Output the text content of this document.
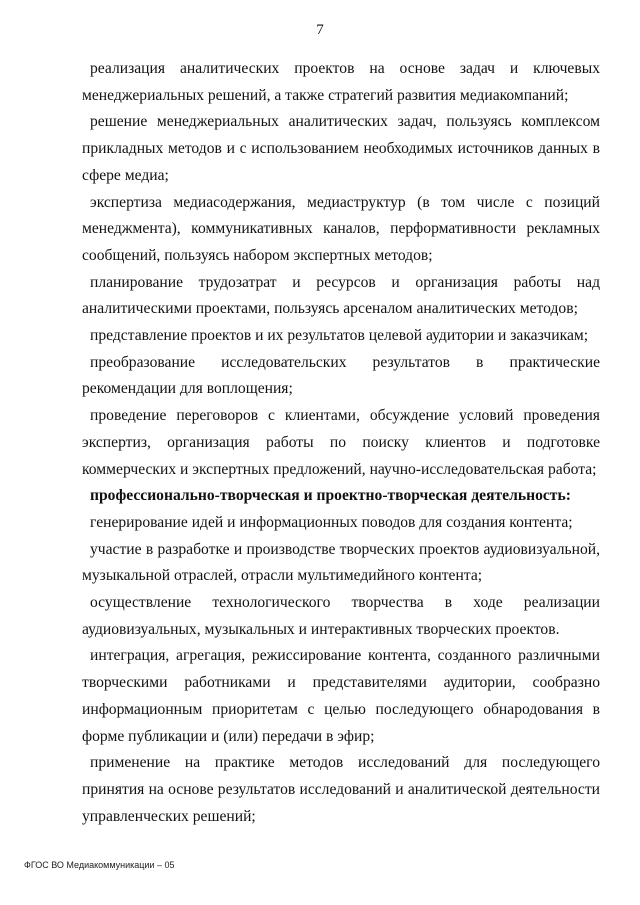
7

реализация аналитических проектов на основе задач и ключевых менеджериальных решений, а также стратегий развития медиакомпаний;

решение менеджериальных аналитических задач, пользуясь комплексом прикладных методов и с использованием необходимых источников данных в сфере медиа;

экспертиза медиасодержания, медиаструктур (в том числе с позиций менеджмента), коммуникативных каналов, перформативности рекламных сообщений, пользуясь набором экспертных методов;

планирование трудозатрат и ресурсов и организация работы над аналитическими проектами, пользуясь арсеналом аналитических методов;

представление проектов и их результатов целевой аудитории и заказчикам;

преобразование исследовательских результатов в практические рекомендации для воплощения;

проведение переговоров с клиентами, обсуждение условий проведения экспертиз, организация работы по поиску клиентов и подготовке коммерческих и экспертных предложений, научно-исследовательская работа;

профессионально-творческая и проектно-творческая деятельность:

генерирование идей и информационных поводов для создания контента;

участие в разработке и производстве творческих проектов аудиовизуальной, музыкальной отраслей, отрасли мультимедийного контента;

осуществление технологического творчества в ходе реализации аудиовизуальных, музыкальных и интерактивных творческих проектов.

интеграция, агрегация, режиссирование контента, созданного различными творческими работниками и представителями аудитории, сообразно информационным приоритетам с целью последующего обнародования в форме публикации и (или) передачи в эфир;

применение на практике методов исследований для последующего принятия на основе результатов исследований и аналитической деятельности управленческих решений;

ФГОС ВО Медиакоммуникации – 05
